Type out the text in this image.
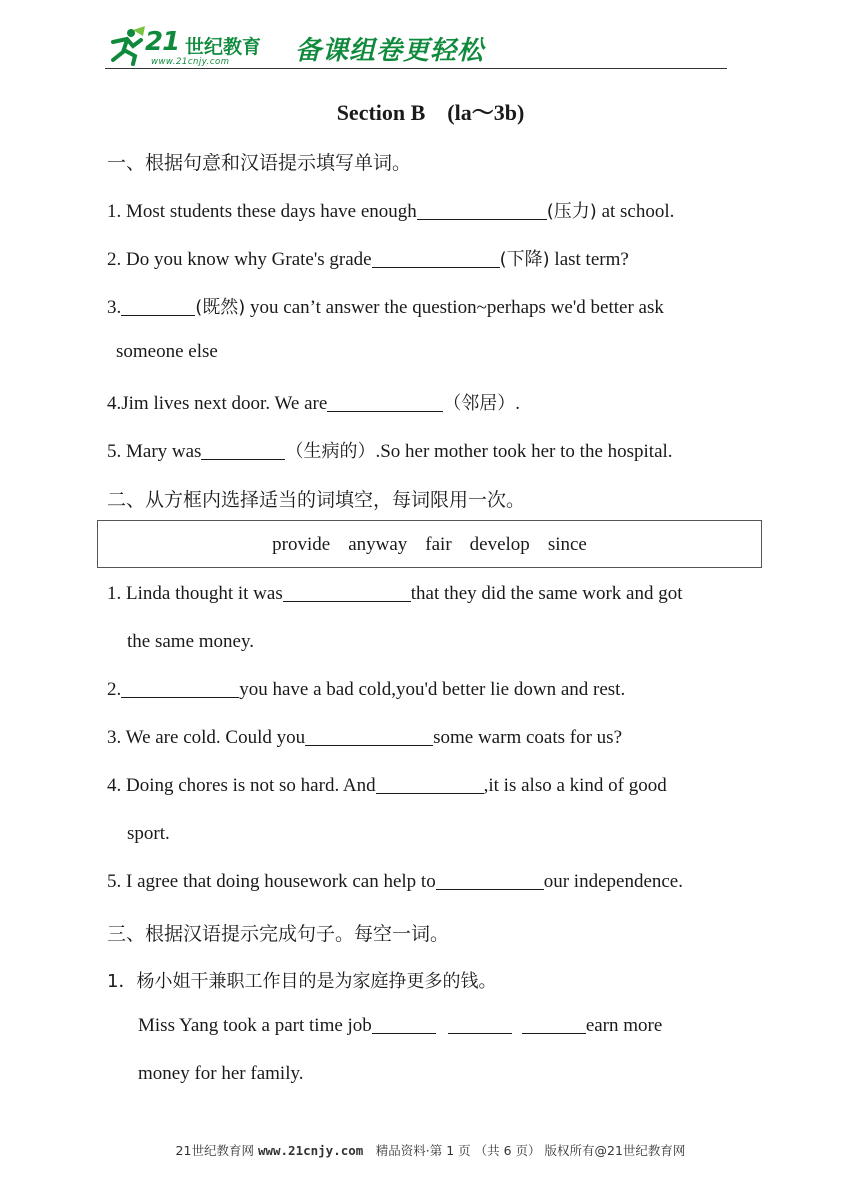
21 世纪教育
www.21cnjy.com	备课组卷更轻松
Section B　(la～3b)
一、根据句意和汉语提示填写单词。
1. Most students these days have enough	(压力) at school.
2. Do you know why Grate's grade	(下降) last term?
3.	(既然) you can’t answer the question~perhaps we'd better ask
someone else
4.Jim lives next door. We are	（邻居）.
5. Mary was	（生病的）.So her mother took her to the hospital.
二、从方框内选择适当的词填空，每词限用一次。
provide anyway fair develop since
1. Linda thought it was	that they did the same work and got
the same money.
2.	you have a bad cold,you'd better lie down and rest.
3. We are cold. Could you	some warm coats for us?
4. Doing chores is not so hard. And	,it is also a kind of good
sport.
5. I agree that doing housework can help to	our independence.
三、根据汉语提示完成句子。每空一词。
1．杨小姐干兼职工作目的是为家庭挣更多的钱。
Miss Yang took a part time job	earn more
money for her family.
21世纪教育网 www.21cnjy.com　精品资料·第 1 页 （共 6 页） 版权所有@21世纪教育网
